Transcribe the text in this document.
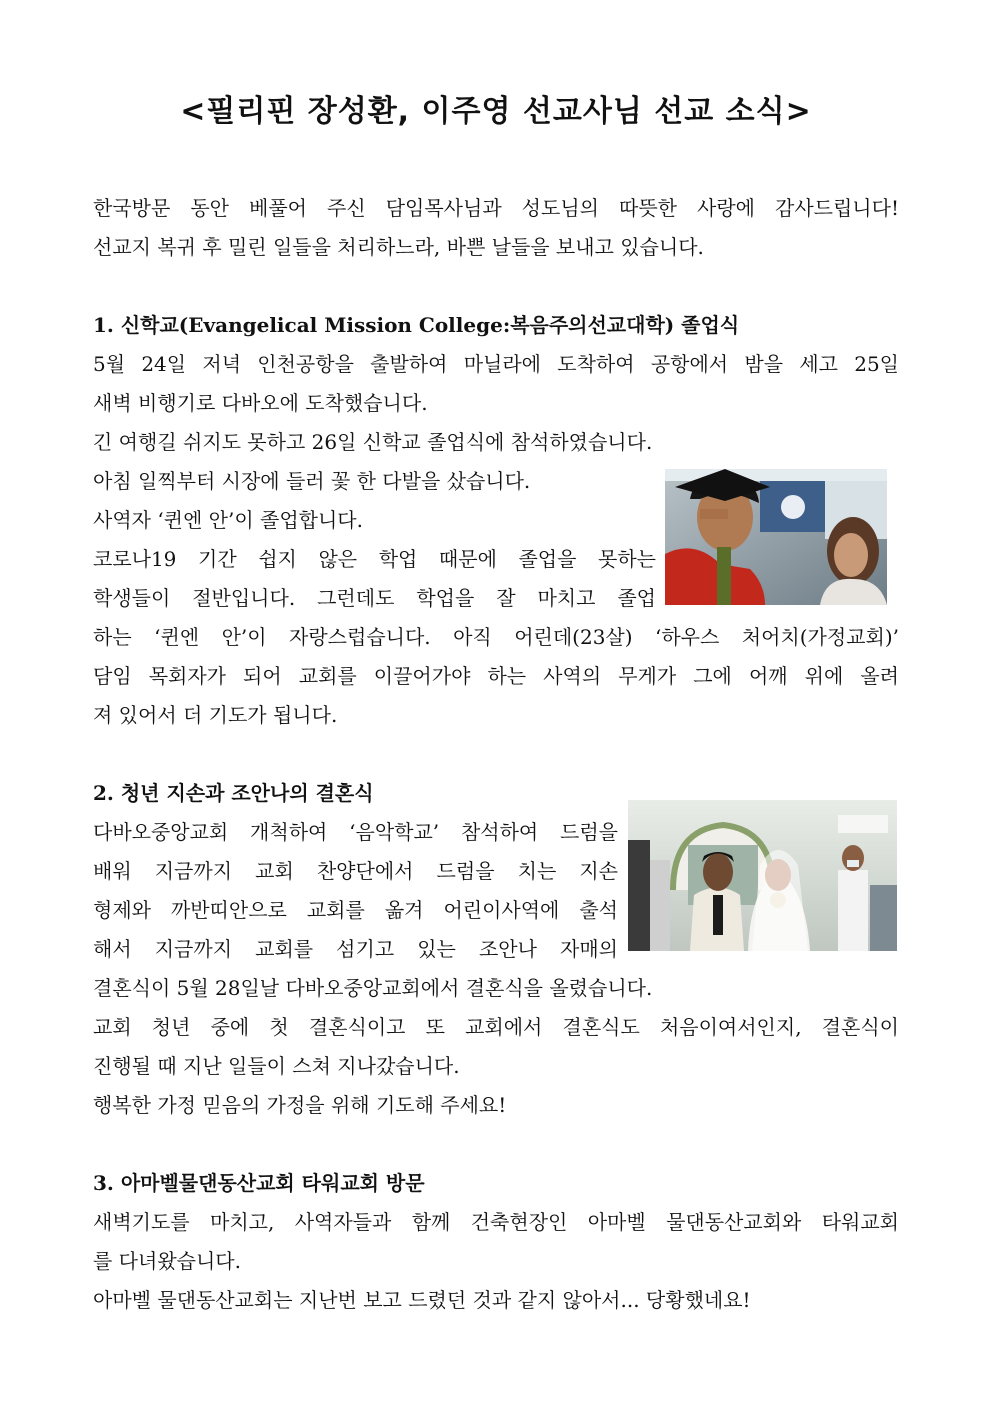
<필리핀 장성환, 이주영 선교사님 선교 소식>

한국방문 동안 베풀어 주신 담임목사님과 성도님의 따뜻한 사랑에 감사드립니다!

선교지 복귀 후 밀린 일들을 처리하느라, 바쁜 날들을 보내고 있습니다.

1. 신학교(Evangelical Mission College:복음주의선교대학) 졸업식

5월 24일 저녁 인천공항을 출발하여 마닐라에 도착하여 공항에서 밤을 세고 25일

새벽 비행기로 다바오에 도착했습니다.

긴 여행길 쉬지도 못하고 26일 신학교 졸업식에 참석하였습니다.

아침 일찍부터 시장에 들러 꽃 한 다발을 샀습니다.

사역자 ‘퀸엔 안’이 졸업합니다.

코로나19 기간 쉽지 않은 학업 때문에 졸업을 못하는

학생들이 절반입니다. 그런데도 학업을 잘 마치고 졸업

하는 ‘퀸엔 안’이 자랑스럽습니다. 아직 어린데(23살) ‘하우스 처어치(가정교회)’

담임 목회자가 되어 교회를 이끌어가야 하는 사역의 무게가 그에 어깨 위에 올려

져 있어서 더 기도가 됩니다.

2. 청년 지손과 조안나의 결혼식

다바오중앙교회 개척하여 ‘음악학교’ 참석하여 드럼을

배워 지금까지 교회 찬양단에서 드럼을 치는 지손

형제와 까반띠안으로 교회를 옮겨 어린이사역에 출석

해서 지금까지 교회를 섬기고 있는 조안나 자매의

결혼식이 5월 28일날 다바오중앙교회에서 결혼식을 올렸습니다.

교회 청년 중에 첫 결혼식이고 또 교회에서 결혼식도 처음이여서인지, 결혼식이

진행될 때 지난 일들이 스쳐 지나갔습니다.

행복한 가정 믿음의 가정을 위해 기도해 주세요!

3. 아마벨물댄동산교회 타워교회 방문

새벽기도를 마치고, 사역자들과 함께 건축현장인 아마벨 물댄동산교회와 타워교회

를 다녀왔습니다.

아마벨 물댄동산교회는 지난번 보고 드렸던 것과 같지 않아서... 당황했네요!
